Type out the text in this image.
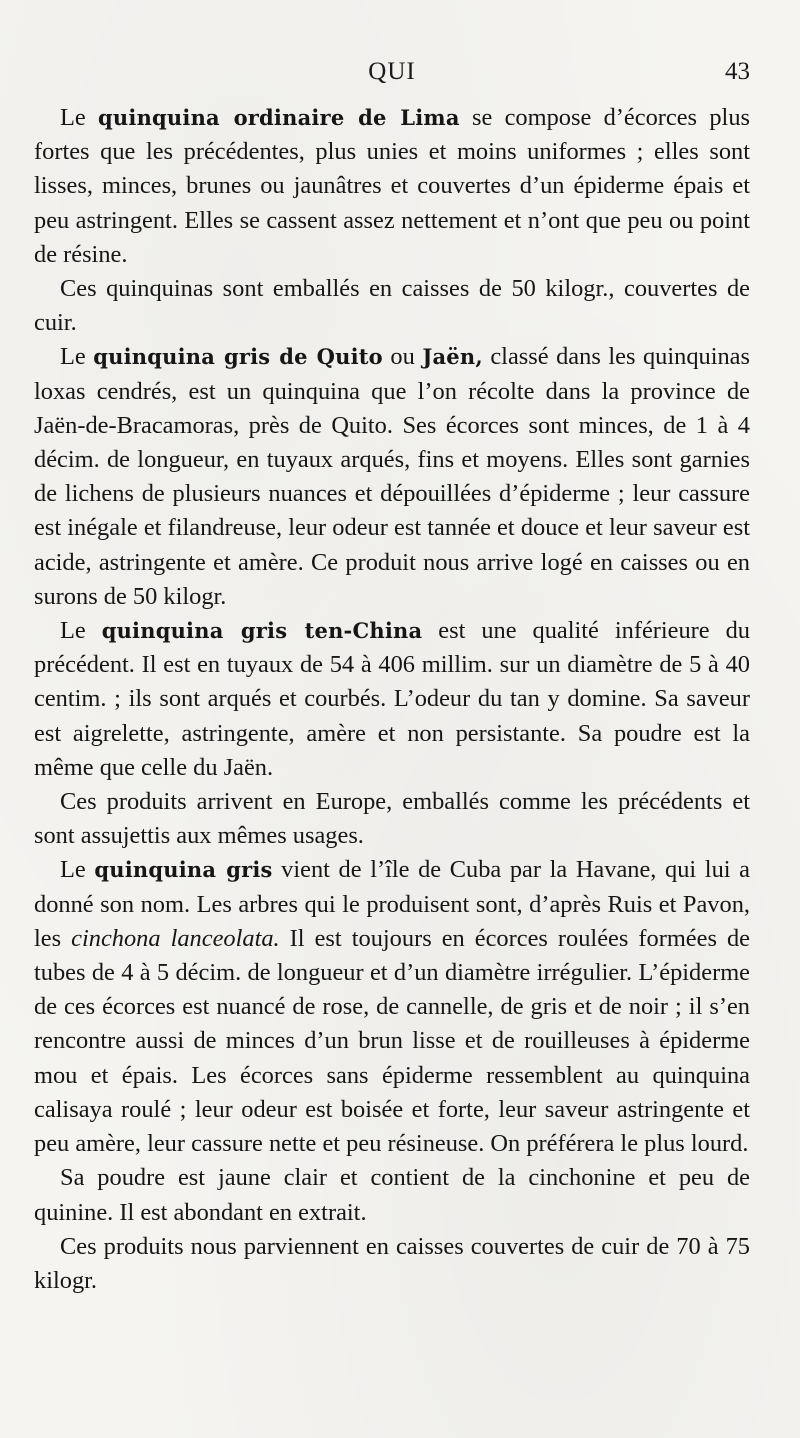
QUI	43

Le quinquina ordinaire de Lima se compose d’écorces plus fortes que les précédentes, plus unies et moins uniformes ; elles sont lisses, minces, brunes ou jaunâtres et couvertes d’un épiderme épais et peu astringent. Elles se cassent assez nettement et n’ont que peu ou point de résine.

Ces quinquinas sont emballés en caisses de 50 kilogr., couvertes de cuir.

Le quinquina gris de Quito ou Jaën, classé dans les quinquinas loxas cendrés, est un quinquina que l’on récolte dans la province de Jaën-de-Bracamoras, près de Quito. Ses écorces sont minces, de 1 à 4 décim. de longueur, en tuyaux arqués, fins et moyens. Elles sont garnies de lichens de plusieurs nuances et dépouillées d’épiderme ; leur cassure est inégale et filandreuse, leur odeur est tannée et douce et leur saveur est acide, astringente et amère. Ce produit nous arrive logé en caisses ou en surons de 50 kilogr.

Le quinquina gris ten-China est une qualité inférieure du précédent. Il est en tuyaux de 54 à 406 millim. sur un diamètre de 5 à 40 centim. ; ils sont arqués et courbés. L’odeur du tan y domine. Sa saveur est aigrelette, astringente, amère et non persistante. Sa poudre est la même que celle du Jaën.

Ces produits arrivent en Europe, emballés comme les précédents et sont assujettis aux mêmes usages.

Le quinquina gris vient de l’île de Cuba par la Havane, qui lui a donné son nom. Les arbres qui le produisent sont, d’après Ruis et Pavon, les cinchona lanceolata. Il est toujours en écorces roulées formées de tubes de 4 à 5 décim. de longueur et d’un diamètre irrégulier. L’épiderme de ces écorces est nuancé de rose, de cannelle, de gris et de noir ; il s’en rencontre aussi de minces d’un brun lisse et de rouilleuses à épiderme mou et épais. Les écorces sans épiderme ressemblent au quinquina calisaya roulé ; leur odeur est boisée et forte, leur saveur astringente et peu amère, leur cassure nette et peu résineuse. On préférera le plus lourd.

Sa poudre est jaune clair et contient de la cinchonine et peu de quinine. Il est abondant en extrait.

Ces produits nous parviennent en caisses couvertes de cuir de 70 à 75 kilogr.
